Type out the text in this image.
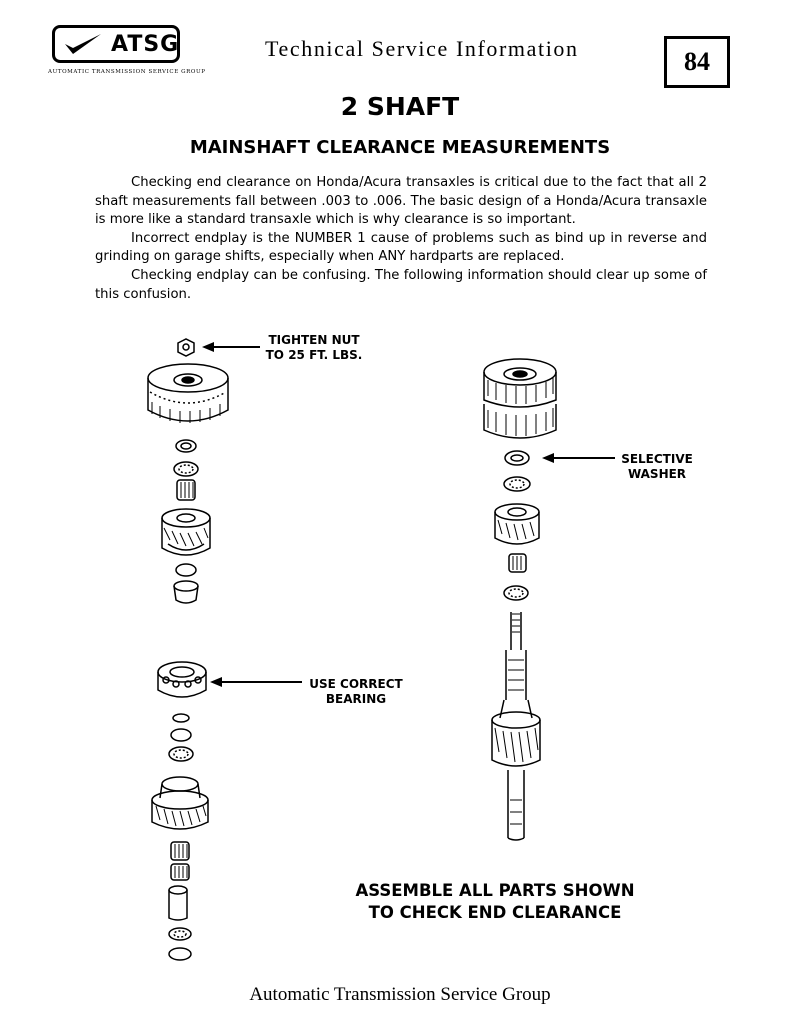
ATSG
AUTOMATIC TRANSMISSION SERVICE GROUP
Technical Service Information	84
2 SHAFT
MAINSHAFT CLEARANCE MEASUREMENTS

Checking end clearance on Honda/Acura transaxles is critical due to the fact that all 2 shaft measurements fall between .003 to .006. The basic design of a Honda/Acura transaxle is more like a standard transaxle which is why clearance is so important.

Incorrect endplay is the NUMBER 1 cause of problems such as bind up in reverse and grinding on garage shifts, especially when ANY hardparts are replaced.

Checking endplay can be confusing. The following information should clear up some of this confusion.

TIGHTEN NUT
TO 25 FT. LBS.
SELECTIVE
WASHER
USE CORRECT
BEARING
ASSEMBLE ALL PARTS SHOWN
TO CHECK END CLEARANCE
Automatic Transmission Service Group
